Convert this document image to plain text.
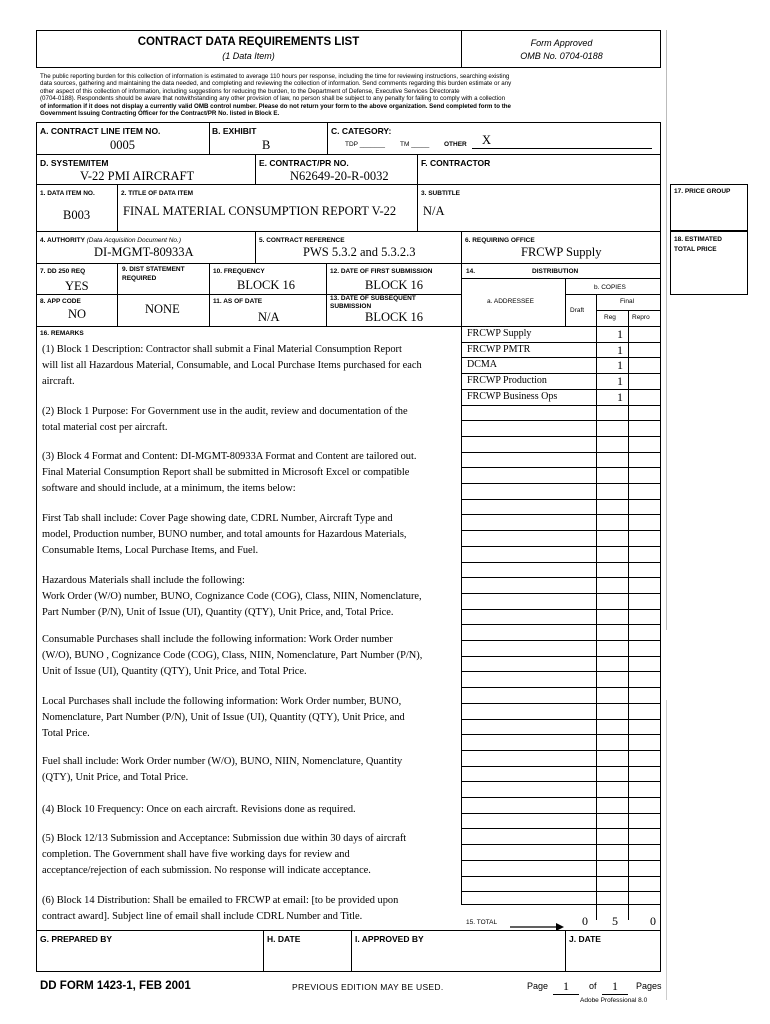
CONTRACT DATA REQUIREMENTS LIST
(1 Data Item)
Form Approved
OMB No. 0704-0188
The public reporting burden for this collection of information is estimated to average 110 hours per response, including the time for reviewing instructions, searching existing
data sources, gathering and maintaining the data needed, and completing and reviewing the collection of information. Send comments regarding this burden estimate or any
other aspect of this collection of information, including suggestions for reducing the burden, to the Department of Defense, Executive Services Directorate
(0704-0188). Respondents should be aware that notwithstanding any other provision of law, no person shall be subject to any penalty for failing to comply with a collection
of information if it does not display a currently valid OMB control number. Please do not return your form to the above organization. Send completed form to the
Government Issuing Contracting Officer for the Contract/PR No. listed in Block E.
A. CONTRACT LINE ITEM NO.
0005
B. EXHIBIT
B
C. CATEGORY:
TDP _______ TM _____ OTHER X
D. SYSTEM/ITEM
V-22 PMI AIRCRAFT
E. CONTRACT/PR NO.
N62649-20-R-0032
F. CONTRACTOR
1. DATA ITEM NO.
B003
2. TITLE OF DATA ITEM
FINAL MATERIAL CONSUMPTION REPORT V-22
3. SUBTITLE
N/A
4. AUTHORITY (Data Acquisition Document No.)
DI-MGMT-80933A
5. CONTRACT REFERENCE
PWS 5.3.2 and 5.3.2.3
6. REQUIRING OFFICE
FRCWP Supply
7. DD 250 REQ
YES
9. DIST STATEMENT REQUIRED
NONE
10. FREQUENCY
BLOCK 16
12. DATE OF FIRST SUBMISSION
BLOCK 16
14.	DISTRIBUTION
8. APP CODE
NO
11. AS OF DATE
N/A
13. DATE OF SUBSEQUENT SUBMISSION
BLOCK 16
a. ADDRESSEE
b. COPIES
Draft
Final
Reg Repro
17. PRICE GROUP
18. ESTIMATED TOTAL PRICE
16. REMARKS
(1) Block 1 Description: Contractor shall submit a Final Material Consumption Report
will list all Hazardous Material, Consumable, and Local Purchase Items purchased for each
aircraft.
(2) Block 1 Purpose: For Government use in the audit, review and documentation of the
total material cost per aircraft.
(3) Block 4 Format and Content: DI-MGMT-80933A Format and Content are tailored out.
Final Material Consumption Report shall be submitted in Microsoft Excel or compatible
software and should include, at a minimum, the items below:
First Tab shall include: Cover Page showing date, CDRL Number, Aircraft Type and
model, Production number, BUNO number, and total amounts for Hazardous Materials,
Consumable Items, Local Purchase Items, and Fuel.
Hazardous Materials shall include the following:
Work Order (W/O) number, BUNO, Cognizance Code (COG), Class, NIIN, Nomenclature,
Part Number (P/N), Unit of Issue (UI), Quantity (QTY), Unit Price, and, Total Price.
Consumable Purchases shall include the following information: Work Order number
(W/O), BUNO , Cognizance Code (COG), Class, NIIN, Nomenclature, Part Number (P/N),
Unit of Issue (UI), Quantity (QTY), Unit Price, and Total Price.
Local Purchases shall include the following information: Work Order number, BUNO,
Nomenclature, Part Number (P/N), Unit of Issue (UI), Quantity (QTY), Unit Price, and
Total Price.
Fuel shall include: Work Order number (W/O), BUNO, NIIN, Nomenclature, Quantity
(QTY), Unit Price, and Total Price.
(4) Block 10 Frequency: Once on each aircraft. Revisions done as required.
(5) Block 12/13 Submission and Acceptance: Submission due within 30 days of aircraft
completion. The Government shall have five working days for review and
acceptance/rejection of each submission. No response will indicate acceptance.
(6) Block 14 Distribution: Shall be emailed to FRCWP at email: [to be provided upon
contract award]. Subject line of email shall include CDRL Number and Title.
FRCWP Supply	1
FRCWP PMTR	1
DCMA	1
FRCWP Production	1
FRCWP Business Ops	1
15. TOTAL	0	5	0
G. PREPARED BY	H. DATE	I. APPROVED BY	J. DATE
DD FORM 1423-1, FEB 2001	PREVIOUS EDITION MAY BE USED.	Page	1	of	1	Pages
Adobe Professional 8.0
